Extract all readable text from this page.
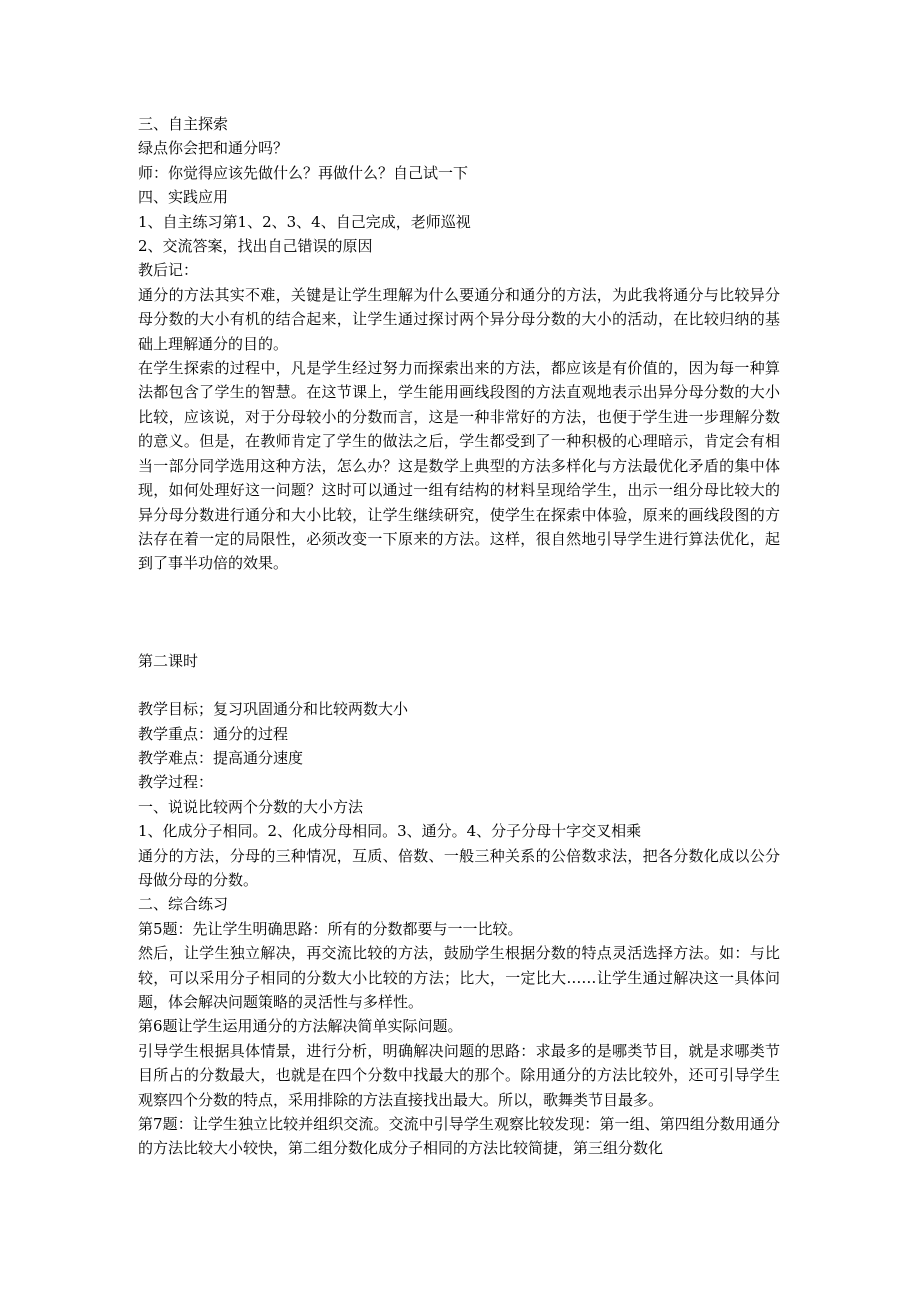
三、自主探索

绿点你会把和通分吗？

师：你觉得应该先做什么？再做什么？自己试一下

四、实践应用

1、自主练习第1、2、3、4、自己完成，老师巡视

2、交流答案，找出自己错误的原因

教后记：

通分的方法其实不难，关键是让学生理解为什么要通分和通分的方法，为此我将通分与比较异分母分数的大小有机的结合起来，让学生通过探讨两个异分母分数的大小的活动，在比较归纳的基础上理解通分的目的。

在学生探索的过程中，凡是学生经过努力而探索出来的方法，都应该是有价值的，因为每一种算法都包含了学生的智慧。在这节课上，学生能用画线段图的方法直观地表示出异分母分数的大小比较，应该说，对于分母较小的分数而言，这是一种非常好的方法，也便于学生进一步理解分数的意义。但是，在教师肯定了学生的做法之后，学生都受到了一种积极的心理暗示，肯定会有相当一部分同学选用这种方法，怎么办？这是数学上典型的方法多样化与方法最优化矛盾的集中体现，如何处理好这一问题？这时可以通过一组有结构的材料呈现给学生，出示一组分母比较大的异分母分数进行通分和大小比较，让学生继续研究，使学生在探索中体验，原来的画线段图的方法存在着一定的局限性，必须改变一下原来的方法。这样，很自然地引导学生进行算法优化，起到了事半功倍的效果。

第二课时

教学目标；复习巩固通分和比较两数大小

教学重点：通分的过程

教学难点：提高通分速度

教学过程：

一、说说比较两个分数的大小方法

1、化成分子相同。2、化成分母相同。3、通分。4、分子分母十字交叉相乘

通分的方法，分母的三种情况，互质、倍数、一般三种关系的公倍数求法，把各分数化成以公分母做分母的分数。

二、综合练习

第5题：先让学生明确思路：所有的分数都要与一一比较。

然后，让学生独立解决，再交流比较的方法，鼓励学生根据分数的特点灵活选择方法。如：与比较，可以采用分子相同的分数大小比较的方法；比大，一定比大……让学生通过解决这一具体问题，体会解决问题策略的灵活性与多样性。

第6题让学生运用通分的方法解决简单实际问题。

引导学生根据具体情景，进行分析，明确解决问题的思路：求最多的是哪类节目，就是求哪类节目所占的分数最大，也就是在四个分数中找最大的那个。除用通分的方法比较外，还可引导学生观察四个分数的特点，采用排除的方法直接找出最大。所以，歌舞类节目最多。

第7题：让学生独立比较并组织交流。交流中引导学生观察比较发现：第一组、第四组分数用通分的方法比较大小较快，第二组分数化成分子相同的方法比较简捷，第三组分数化
